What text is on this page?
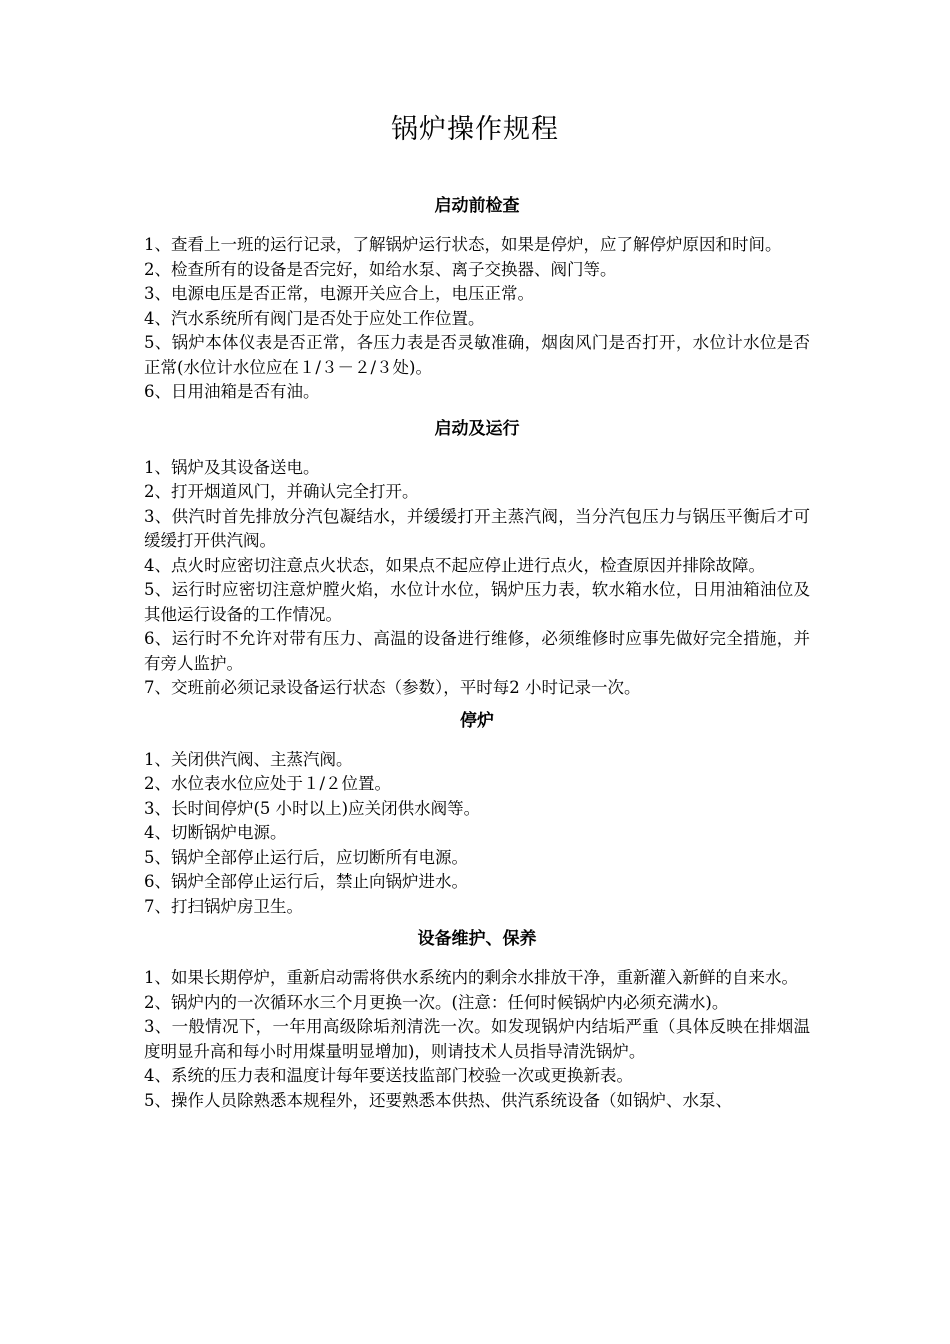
锅炉操作规程
启动前检查

1、查看上一班的运行记录，了解锅炉运行状态，如果是停炉，应了解停炉原因和时间。

2、检查所有的设备是否完好，如给水泵、离子交换器、阀门等。

3、电源电压是否正常，电源开关应合上，电压正常。

4、汽水系统所有阀门是否处于应处工作位置。

5、锅炉本体仪表是否正常，各压力表是否灵敏准确，烟囱风门是否打开，水位计水位是否正常(水位计水位应在１/３－２/３处)。

6、日用油箱是否有油。

启动及运行

1、锅炉及其设备送电。

2、打开烟道风门，并确认完全打开。

3、供汽时首先排放分汽包凝结水，并缓缓打开主蒸汽阀，当分汽包压力与锅压平衡后才可缓缓打开供汽阀。

4、点火时应密切注意点火状态，如果点不起应停止进行点火，检查原因并排除故障。

5、运行时应密切注意炉膛火焰，水位计水位，锅炉压力表，软水箱水位，日用油箱油位及其他运行设备的工作情况。

6、运行时不允许对带有压力、高温的设备进行维修，必须维修时应事先做好完全措施，并有旁人监护。

7、交班前必须记录设备运行状态（参数），平时每2 小时记录一次。

停炉

1、关闭供汽阀、主蒸汽阀。

2、水位表水位应处于１/２位置。

3、长时间停炉(5 小时以上)应关闭供水阀等。

4、切断锅炉电源。

5、锅炉全部停止运行后，应切断所有电源。

6、锅炉全部停止运行后，禁止向锅炉进水。

7、打扫锅炉房卫生。

设备维护、保养

1、如果长期停炉，重新启动需将供水系统内的剩余水排放干净，重新灌入新鲜的自来水。

2、锅炉内的一次循环水三个月更换一次。(注意：任何时候锅炉内必须充满水)。

3、一般情况下，一年用高级除垢剂清洗一次。如发现锅炉内结垢严重（具体反映在排烟温度明显升高和每小时用煤量明显增加)，则请技术人员指导清洗锅炉。

4、系统的压力表和温度计每年要送技监部门校验一次或更换新表。

5、操作人员除熟悉本规程外，还要熟悉本供热、供汽系统设备（如锅炉、水泵、
